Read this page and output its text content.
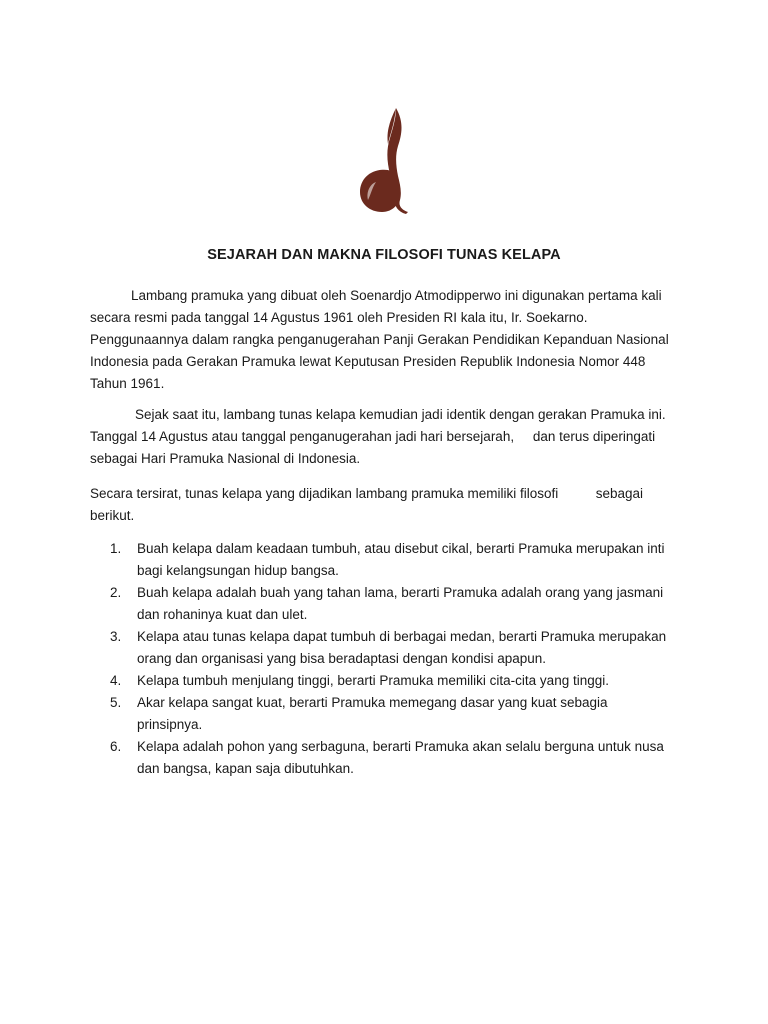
SEJARAH DAN MAKNA FILOSOFI TUNAS KELAPA

Lambang pramuka yang dibuat oleh Soenardjo Atmodipperwo ini digunakan pertama kali
secara resmi pada tanggal 14 Agustus 1961 oleh Presiden RI kala itu, Ir. Soekarno.
Penggunaannya dalam rangka penganugerahan Panji Gerakan Pendidikan Kepanduan Nasional
Indonesia pada Gerakan Pramuka lewat Keputusan Presiden Republik Indonesia Nomor 448
Tahun 1961.

Sejak saat itu, lambang tunas kelapa kemudian jadi identik dengan gerakan Pramuka ini.
Tanggal 14 Agustus atau tanggal penganugerahan jadi hari bersejarah,     dan terus diperingati
sebagai Hari Pramuka Nasional di Indonesia.

Secara tersirat, tunas kelapa yang dijadikan lambang pramuka memiliki filosofi          sebagai
berikut.

1. Buah kelapa dalam keadaan tumbuh, atau disebut cikal, berarti Pramuka merupakan inti
bagi kelangsungan hidup bangsa.
2. Buah kelapa adalah buah yang tahan lama, berarti Pramuka adalah orang yang jasmani
dan rohaninya kuat dan ulet.
3. Kelapa atau tunas kelapa dapat tumbuh di berbagai medan, berarti Pramuka merupakan
orang dan organisasi yang bisa beradaptasi dengan kondisi apapun.
4. Kelapa tumbuh menjulang tinggi, berarti Pramuka memiliki cita-cita yang tinggi.
5. Akar kelapa sangat kuat, berarti Pramuka memegang dasar yang kuat sebagia
prinsipnya.
6. Kelapa adalah pohon yang serbaguna, berarti Pramuka akan selalu berguna untuk nusa
dan bangsa, kapan saja dibutuhkan.
